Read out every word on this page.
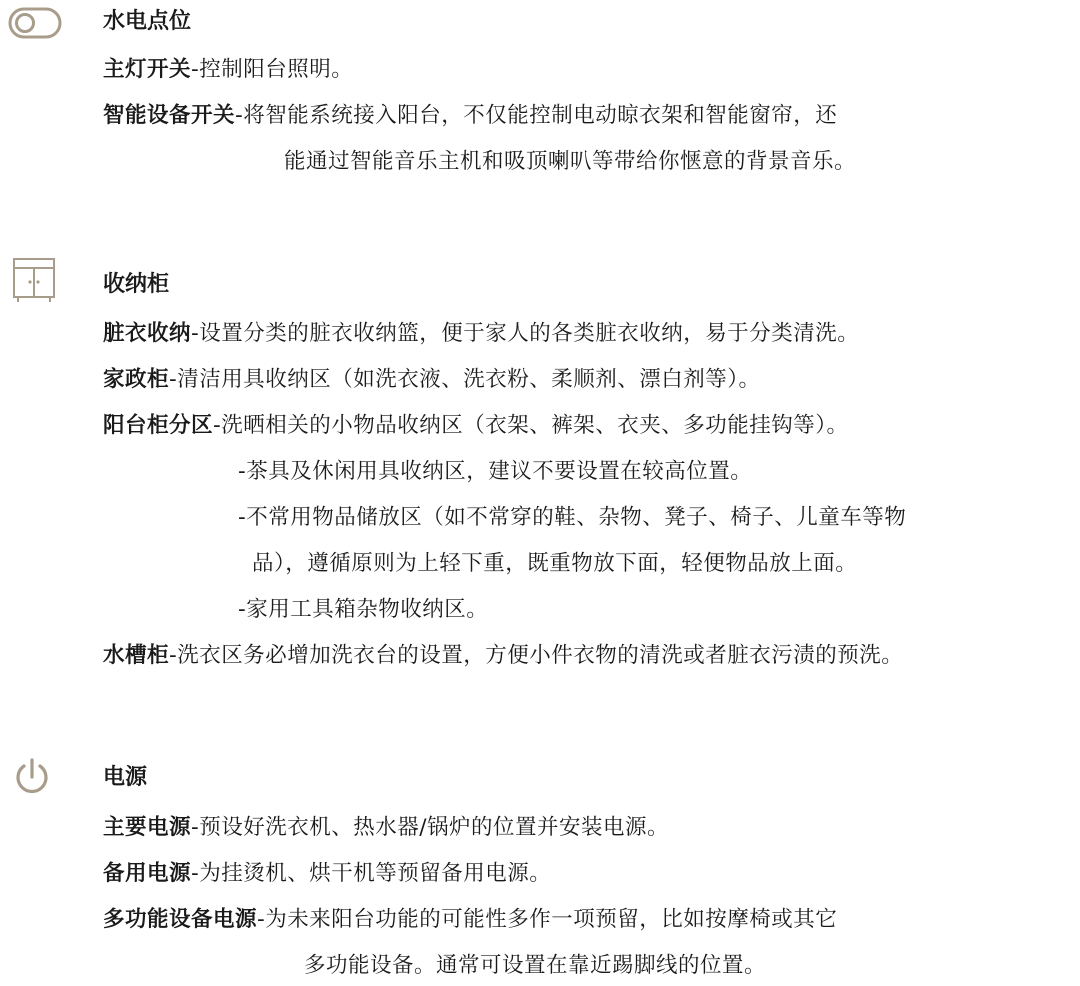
水电点位
主灯开关-控制阳台照明。
智能设备开关-将智能系统接入阳台，不仅能控制电动晾衣架和智能窗帘，还
能通过智能音乐主机和吸顶喇叭等带给你惬意的背景音乐。
收纳柜
脏衣收纳-设置分类的脏衣收纳篮，便于家人的各类脏衣收纳，易于分类清洗。
家政柜-清洁用具收纳区（如洗衣液、洗衣粉、柔顺剂、漂白剂等）。
阳台柜分区-洗晒相关的小物品收纳区（衣架、裤架、衣夹、多功能挂钩等）。
-茶具及休闲用具收纳区，建议不要设置在较高位置。
-不常用物品储放区（如不常穿的鞋、杂物、凳子、椅子、儿童车等物
品），遵循原则为上轻下重，既重物放下面，轻便物品放上面。
-家用工具箱杂物收纳区。
水槽柜-洗衣区务必增加洗衣台的设置，方便小件衣物的清洗或者脏衣污渍的预洗。
电源
主要电源-预设好洗衣机、热水器/锅炉的位置并安装电源。
备用电源-为挂烫机、烘干机等预留备用电源。
多功能设备电源-为未来阳台功能的可能性多作一项预留，比如按摩椅或其它
多功能设备。通常可设置在靠近踢脚线的位置。
